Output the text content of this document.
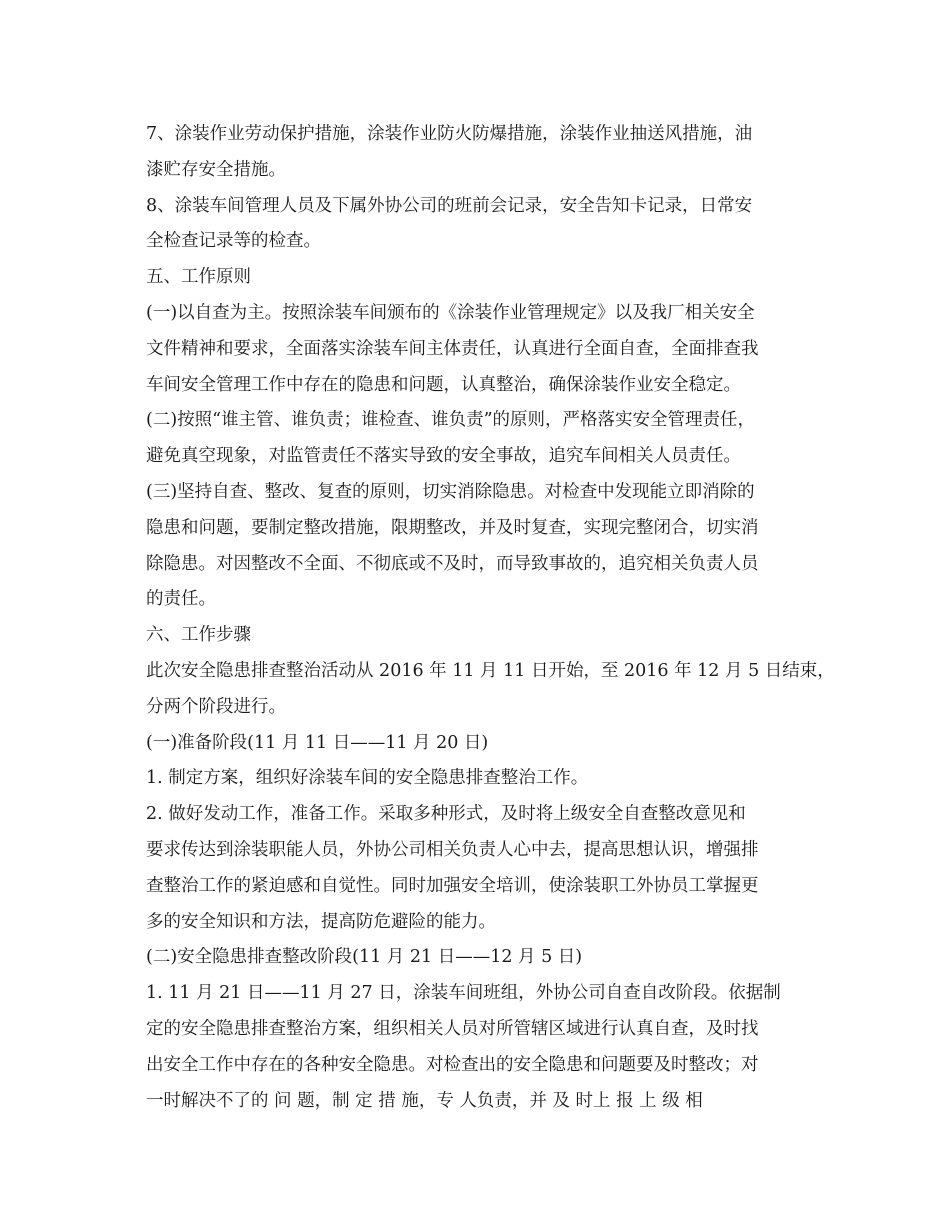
7、涂装作业劳动保护措施，涂装作业防火防爆措施，涂装作业抽送风措施，油
漆贮存安全措施。
8、涂装车间管理人员及下属外协公司的班前会记录，安全告知卡记录，日常安
全检查记录等的检查。
五、工作原则
(一)以自查为主。按照涂装车间颁布的《涂装作业管理规定》以及我厂相关安全
文件精神和要求，全面落实涂装车间主体责任，认真进行全面自查，全面排查我
车间安全管理工作中存在的隐患和问题，认真整治，确保涂装作业安全稳定。
(二)按照“谁主管、谁负责；谁检查、谁负责”的原则，严格落实安全管理责任，
避免真空现象，对监管责任不落实导致的安全事故，追究车间相关人员责任。
(三)坚持自查、整改、复查的原则，切实消除隐患。对检查中发现能立即消除的
隐患和问题，要制定整改措施，限期整改，并及时复查，实现完整闭合，切实消
除隐患。对因整改不全面、不彻底或不及时，而导致事故的，追究相关负责人员
的责任。
六、工作步骤
此次安全隐患排查整治活动从 2016 年 11 月 11 日开始，至 2016 年 12 月 5 日结束，
分两个阶段进行。
(一)准备阶段(11 月 11 日——11 月 20 日)
1. 制定方案，组织好涂装车间的安全隐患排查整治工作。
2. 做好发动工作，准备工作。采取多种形式，及时将上级安全自查整改意见和
要求传达到涂装职能人员，外协公司相关负责人心中去，提高思想认识，增强排
查整治工作的紧迫感和自觉性。同时加强安全培训，使涂装职工外协员工掌握更
多的安全知识和方法，提高防危避险的能力。
(二)安全隐患排查整改阶段(11 月 21 日——12 月 5 日)
1. 11 月 21 日——11 月 27 日，涂装车间班组，外协公司自查自改阶段。依据制
定的安全隐患排查整治方案，组织相关人员对所管辖区域进行认真自查，及时找
出安全工作中存在的各种安全隐患。对检查出的安全隐患和问题要及时整改；对
一时解决不了的 问 题，制 定 措 施，专 人负责，并 及 时上 报 上 级 相
